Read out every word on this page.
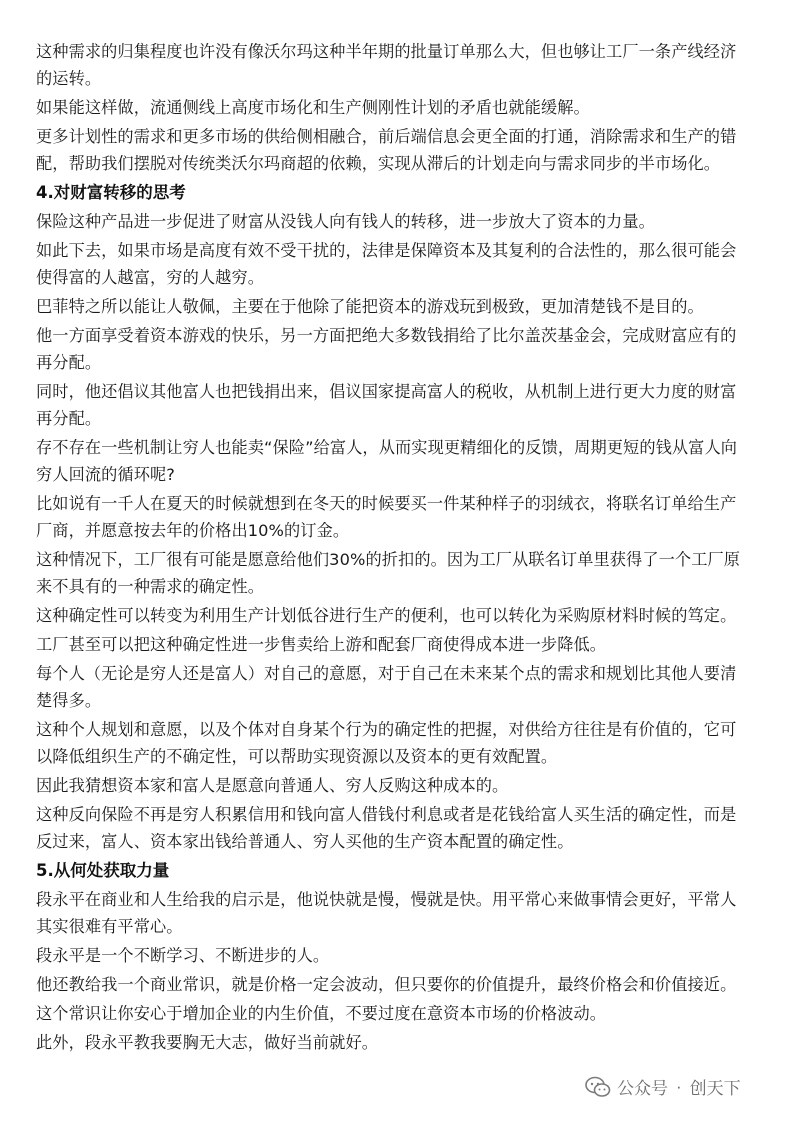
这种需求的归集程度也许没有像沃尔玛这种半年期的批量订单那么大，但也够让工厂一条产线经济的运转。

如果能这样做，流通侧线上高度市场化和生产侧刚性计划的矛盾也就能缓解。

更多计划性的需求和更多市场的供给侧相融合，前后端信息会更全面的打通，消除需求和生产的错配，帮助我们摆脱对传统类沃尔玛商超的依赖，实现从滞后的计划走向与需求同步的半市场化。

4.对财富转移的思考

保险这种产品进一步促进了财富从没钱人向有钱人的转移，进一步放大了资本的力量。

如此下去，如果市场是高度有效不受干扰的，法律是保障资本及其复利的合法性的，那么很可能会使得富的人越富，穷的人越穷。

巴菲特之所以能让人敬佩，主要在于他除了能把资本的游戏玩到极致，更加清楚钱不是目的。

他一方面享受着资本游戏的快乐，另一方面把绝大多数钱捐给了比尔盖茨基金会，完成财富应有的再分配。

同时，他还倡议其他富人也把钱捐出来，倡议国家提高富人的税收，从机制上进行更大力度的财富再分配。

存不存在一些机制让穷人也能卖“保险”给富人，从而实现更精细化的反馈，周期更短的钱从富人向穷人回流的循环呢?

比如说有一千人在夏天的时候就想到在冬天的时候要买一件某种样子的羽绒衣，将联名订单给生产厂商，并愿意按去年的价格出10%的订金。

这种情况下，工厂很有可能是愿意给他们30%的折扣的。因为工厂从联名订单里获得了一个工厂原来不具有的一种需求的确定性。

这种确定性可以转变为利用生产计划低谷进行生产的便利，也可以转化为采购原材料时候的笃定。

工厂甚至可以把这种确定性进一步售卖给上游和配套厂商使得成本进一步降低。

每个人（无论是穷人还是富人）对自己的意愿，对于自己在未来某个点的需求和规划比其他人要清楚得多。

这种个人规划和意愿，以及个体对自身某个行为的确定性的把握，对供给方往往是有价值的，它可以降低组织生产的不确定性，可以帮助实现资源以及资本的更有效配置。

因此我猜想资本家和富人是愿意向普通人、穷人反购这种成本的。

这种反向保险不再是穷人积累信用和钱向富人借钱付利息或者是花钱给富人买生活的确定性，而是反过来，富人、资本家出钱给普通人、穷人买他的生产资本配置的确定性。

5.从何处获取力量

段永平在商业和人生给我的启示是，他说快就是慢，慢就是快。用平常心来做事情会更好，平常人其实很难有平常心。

段永平是一个不断学习、不断进步的人。

他还教给我一个商业常识，就是价格一定会波动，但只要你的价值提升，最终价格会和价值接近。

这个常识让你安心于增加企业的内生价值，不要过度在意资本市场的价格波动。

此外，段永平教我要胸无大志，做好当前就好。

公众号 · 创天下
